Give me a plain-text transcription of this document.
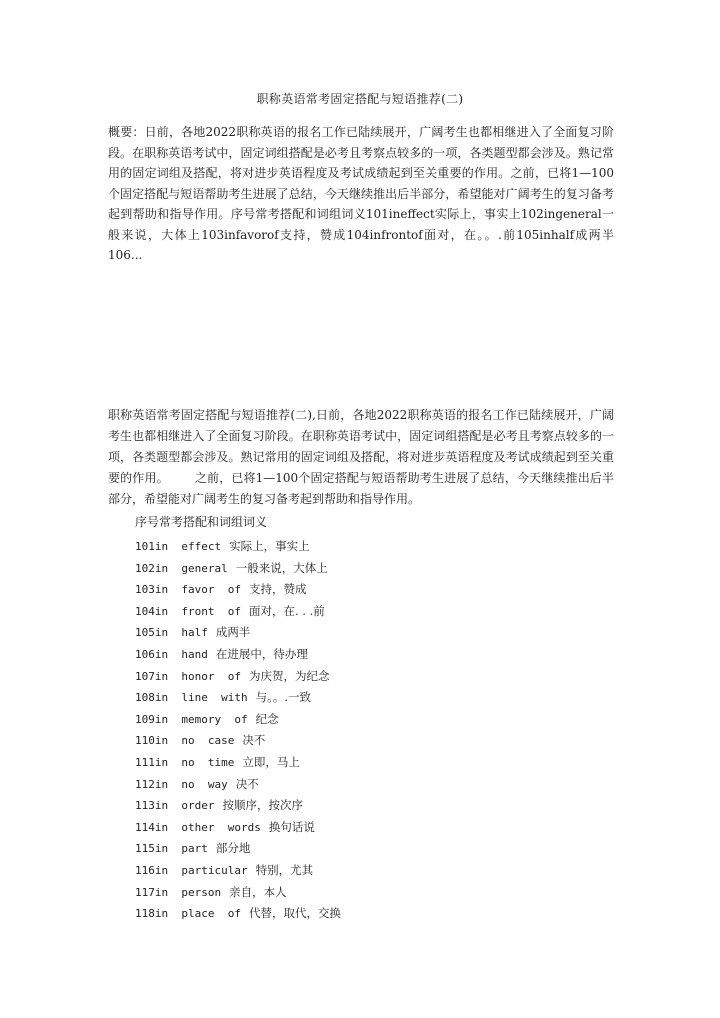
职称英语常考固定搭配与短语推荐(二)
概要：日前，各地2022职称英语的报名工作已陆续展开，广阔考生也都相继进入了全面复习阶段。在职称英语考试中，固定词组搭配是必考且考察点较多的一项，各类题型都会涉及。熟记常用的固定词组及搭配，将对进步英语程度及考试成绩起到至关重要的作用。之前，已将1—100个固定搭配与短语帮助考生进展了总结，今天继续推出后半部分，希望能对广阔考生的复习备考起到帮助和指导作用。序号常考搭配和词组词义101ineffect实际上，事实上102ingeneral一般来说，大体上103infavorof支持，赞成104infrontof面对，在。。.前105inhalf成两半106...
职称英语常考固定搭配与短语推荐(二),日前，各地2022职称英语的报名工作已陆续展开，广阔考生也都相继进入了全面复习阶段。在职称英语考试中，固定词组搭配是必考且考察点较多的一项，各类题型都会涉及。熟记常用的固定词组及搭配，将对进步英语程度及考试成绩起到至关重要的作用。 之前，已将1—100个固定搭配与短语帮助考生进展了总结，今天继续推出后半部分，希望能对广阔考生的复习备考起到帮助和指导作用。
序号常考搭配和词组词义
101in  effect 实际上，事实上
102in  general 一般来说，大体上
103in  favor  of 支持，赞成
104in  front  of 面对，在. . .前
105in  half 成两半
106in  hand 在进展中，待办理
107in  honor  of 为庆贺，为纪念
108in  line  with 与。。.一致
109in  memory  of 纪念
110in  no  case 决不
111in  no  time 立即，马上
112in  no  way 决不
113in  order 按顺序，按次序
114in  other  words 换句话说
115in  part 部分地
116in  particular 特别，尤其
117in  person 亲自，本人
118in  place  of 代替，取代，交换
